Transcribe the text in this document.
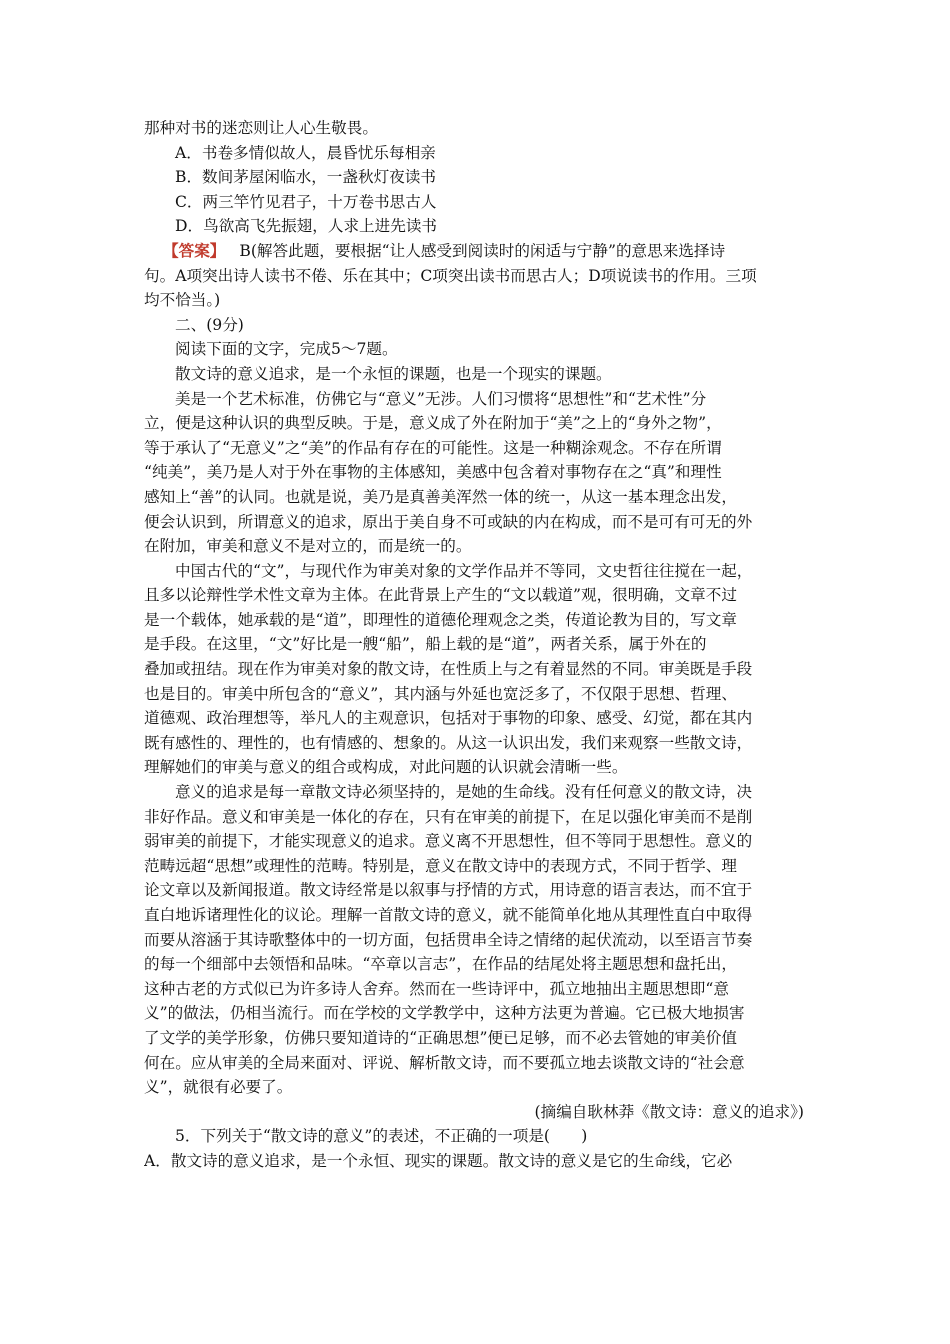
那种对书的迷恋则让人心生敬畏。
A．书卷多情似故人，晨昏忧乐每相亲
B．数间茅屋闲临水，一盏秋灯夜读书
C．两三竿竹见君子，十万卷书思古人
D．鸟欲高飞先振翅，人求上进先读书
【答案】 B(解答此题，要根据“让人感受到阅读时的闲适与宁静”的意思来选择诗
句。A项突出诗人读书不倦、乐在其中；C项突出读书而思古人；D项说读书的作用。三项
均不恰当。)
二、(9分)
阅读下面的文字，完成5～7题。
散文诗的意义追求，是一个永恒的课题，也是一个现实的课题。
美是一个艺术标准，仿佛它与“意义”无涉。人们习惯将“思想性”和“艺术性”分
立，便是这种认识的典型反映。于是，意义成了外在附加于“美”之上的“身外之物”，
等于承认了“无意义”之“美”的作品有存在的可能性。这是一种糊涂观念。不存在所谓
“纯美”，美乃是人对于外在事物的主体感知，美感中包含着对事物存在之“真”和理性
感知上“善”的认同。也就是说，美乃是真善美浑然一体的统一，从这一基本理念出发，
便会认识到，所谓意义的追求，原出于美自身不可或缺的内在构成，而不是可有可无的外
在附加，审美和意义不是对立的，而是统一的。
中国古代的“文”，与现代作为审美对象的文学作品并不等同，文史哲往往搅在一起，
且多以论辩性学术性文章为主体。在此背景上产生的“文以载道”观，很明确，文章不过
是一个载体，她承载的是“道”，即理性的道德伦理观念之类，传道论教为目的，写文章
是手段。在这里，“文”好比是一艘“船”，船上载的是“道”，两者关系，属于外在的
叠加或扭结。现在作为审美对象的散文诗，在性质上与之有着显然的不同。审美既是手段
也是目的。审美中所包含的“意义”，其内涵与外延也宽泛多了，不仅限于思想、哲理、
道德观、政治理想等，举凡人的主观意识，包括对于事物的印象、感受、幻觉，都在其内
既有感性的、理性的，也有情感的、想象的。从这一认识出发，我们来观察一些散文诗，
理解她们的审美与意义的组合或构成，对此问题的认识就会清晰一些。
意义的追求是每一章散文诗必须坚持的，是她的生命线。没有任何意义的散文诗，决
非好作品。意义和审美是一体化的存在，只有在审美的前提下，在足以强化审美而不是削
弱审美的前提下，才能实现意义的追求。意义离不开思想性，但不等同于思想性。意义的
范畴远超“思想”或理性的范畴。特别是，意义在散文诗中的表现方式，不同于哲学、理
论文章以及新闻报道。散文诗经常是以叙事与抒情的方式，用诗意的语言表达，而不宜于
直白地诉诸理性化的议论。理解一首散文诗的意义，就不能简单化地从其理性直白中取得
而要从溶涵于其诗歌整体中的一切方面，包括贯串全诗之情绪的起伏流动，以至语言节奏
的每一个细部中去领悟和品味。“卒章以言志”，在作品的结尾处将主题思想和盘托出，
这种古老的方式似已为许多诗人舍弃。然而在一些诗评中，孤立地抽出主题思想即“意
义”的做法，仍相当流行。而在学校的文学教学中，这种方法更为普遍。它已极大地损害
了文学的美学形象，仿佛只要知道诗的“正确思想”便已足够，而不必去管她的审美价值
何在。应从审美的全局来面对、评说、解析散文诗，而不要孤立地去谈散文诗的“社会意
义”，就很有必要了。
(摘编自耿林莽《散文诗：意义的追求》)
5．下列关于“散文诗的意义”的表述，不正确的一项是(　　)
A．散文诗的意义追求，是一个永恒、现实的课题。散文诗的意义是它的生命线，它必
